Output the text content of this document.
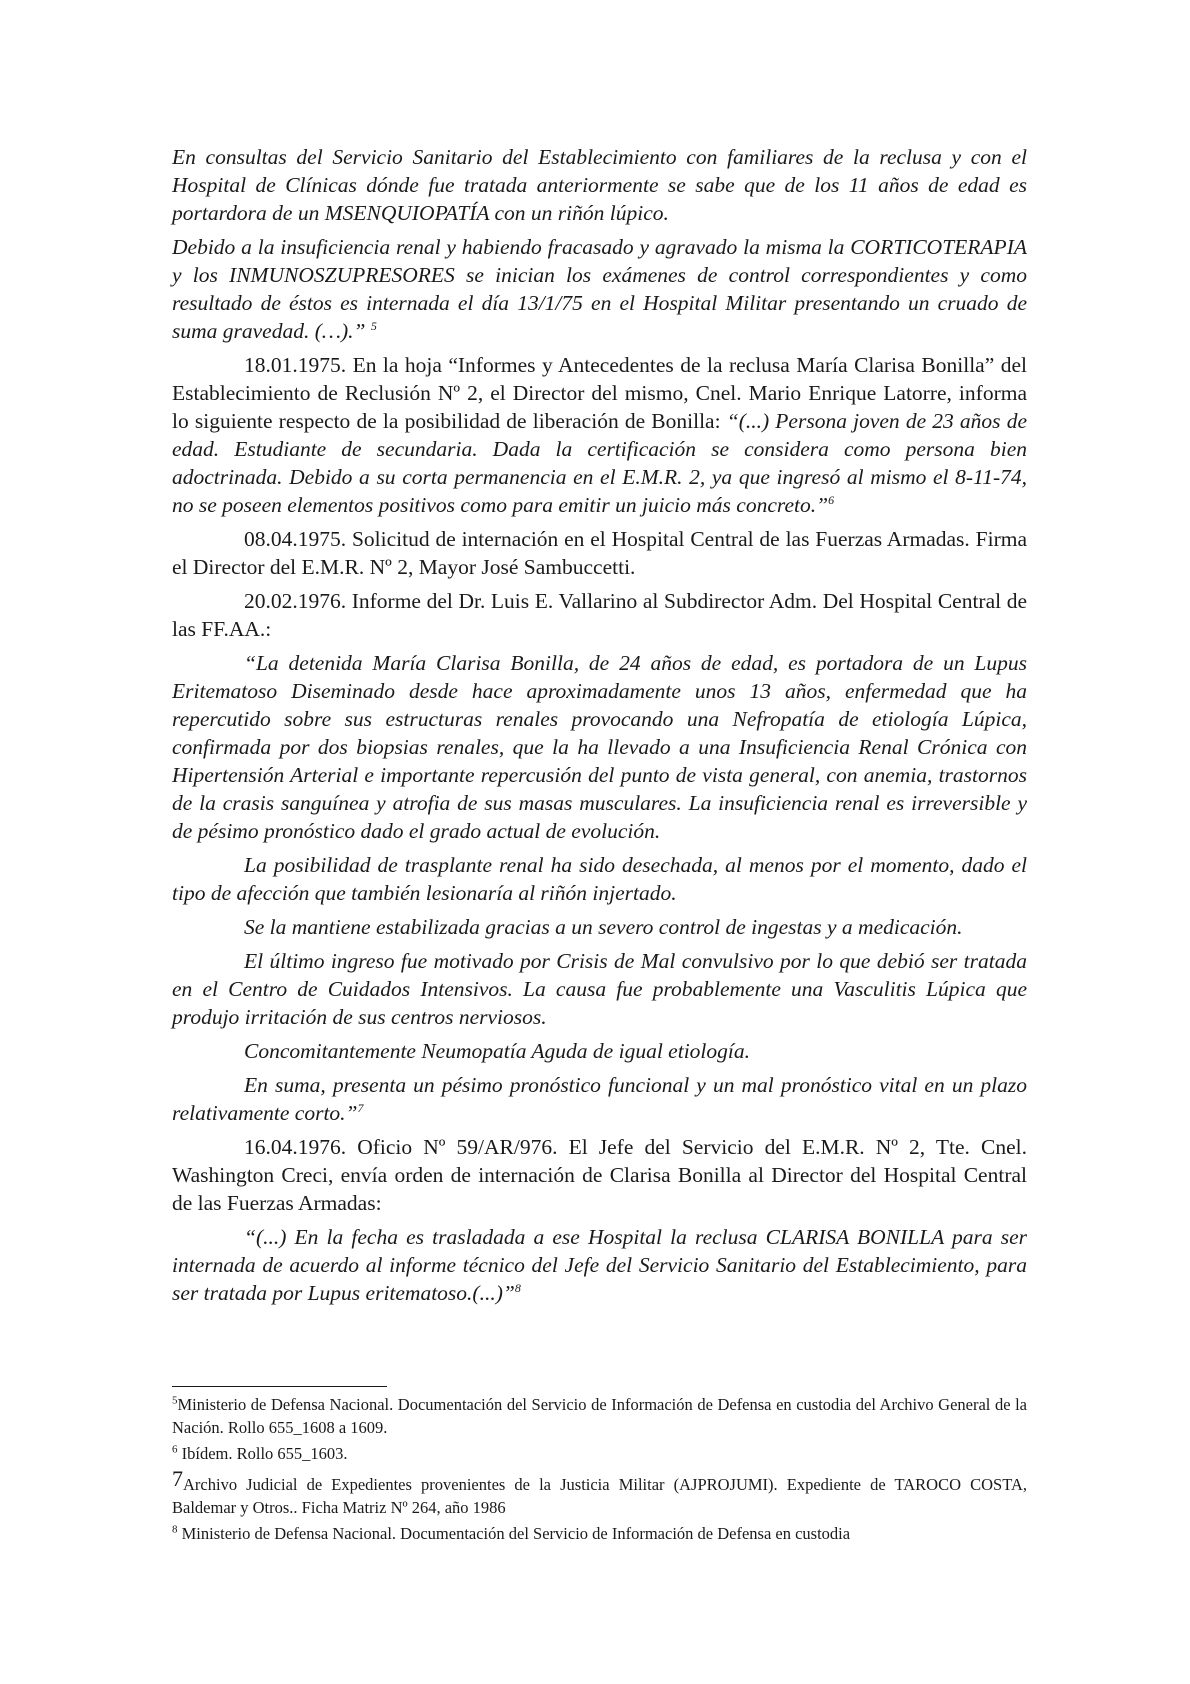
En consultas del Servicio Sanitario del Establecimiento con familiares de la reclusa y con el Hospital de Clínicas dónde fue tratada anteriormente se sabe que de los 11 años de edad es portardora de un MSENQUIOPATÍA con un riñón lúpico.

Debido a la insuficiencia renal y habiendo fracasado y agravado la misma la CORTICOTERAPIA y los INMUNOSZUPRESORES se inician los exámenes de control correspondientes y como resultado de éstos es internada el día 13/1/75 en el Hospital Militar presentando un cruado de suma gravedad. (…).” $^5$

18.01.1975. En la hoja “Informes y Antecedentes de la reclusa María Clarisa Bonilla” del Establecimiento de Reclusión Nº 2, el Director del mismo, Cnel. Mario Enrique Latorre, informa lo siguiente respecto de la posibilidad de liberación de Bonilla: “(...) Persona joven de 23 años de edad. Estudiante de secundaria. Dada la certificación se considera como persona bien adoctrinada. Debido a su corta permanencia en el E.M.R. 2, ya que ingresó al mismo el 8-11-74, no se poseen elementos positivos como para emitir un juicio más concreto.”$^6$

08.04.1975. Solicitud de internación en el Hospital Central de las Fuerzas Armadas. Firma el Director del E.M.R. Nº 2, Mayor José Sambuccetti.

20.02.1976. Informe del Dr. Luis E. Vallarino al Subdirector Adm. Del Hospital Central de las FF.AA.:

“La detenida María Clarisa Bonilla, de 24 años de edad, es portadora de un Lupus Eritematoso Diseminado desde hace aproximadamente unos 13 años, enfermedad que ha repercutido sobre sus estructuras renales provocando una Nefropatía de etiología Lúpica, confirmada por dos biopsias renales, que la ha llevado a una Insuficiencia Renal Crónica con Hipertensión Arterial e importante repercusión del punto de vista general, con anemia, trastornos de la crasis sanguínea y atrofia de sus masas musculares. La insuficiencia renal es irreversible y de pésimo pronóstico dado el grado actual de evolución.

La posibilidad de trasplante renal ha sido desechada, al menos por el momento, dado el tipo de afección que también lesionaría al riñón injertado.

Se la mantiene estabilizada gracias a un severo control de ingestas y a medicación.

El último ingreso fue motivado por Crisis de Mal convulsivo por lo que debió ser tratada en el Centro de Cuidados Intensivos. La causa fue probablemente una Vasculitis Lúpica que produjo irritación de sus centros nerviosos.

Concomitantemente Neumopatía Aguda de igual etiología.

En suma, presenta un pésimo pronóstico funcional y un mal pronóstico vital en un plazo relativamente corto.”$^7$

16.04.1976. Oficio Nº 59/AR/976. El Jefe del Servicio del E.M.R. Nº 2, Tte. Cnel. Washington Creci, envía orden de internación de Clarisa Bonilla al Director del Hospital Central de las Fuerzas Armadas:

“(...) En la fecha es trasladada a ese Hospital la reclusa CLARISA BONILLA para ser internada de acuerdo al informe técnico del Jefe del Servicio Sanitario del Establecimiento, para ser tratada por Lupus eritematoso.(...)”$^8$

$^5$Ministerio de Defensa Nacional. Documentación del Servicio de Información de Defensa en custodia del Archivo General de la Nación. Rollo 655_1608 a 1609.

$^6$ Ibídem. Rollo 655_1603.

7Archivo Judicial de Expedientes provenientes de la Justicia Militar (AJPROJUMI). Expediente de TAROCO COSTA, Baldemar y Otros.. Ficha Matriz Nº 264, año 1986

$^8$ Ministerio de Defensa Nacional. Documentación del Servicio de Información de Defensa en custodia
